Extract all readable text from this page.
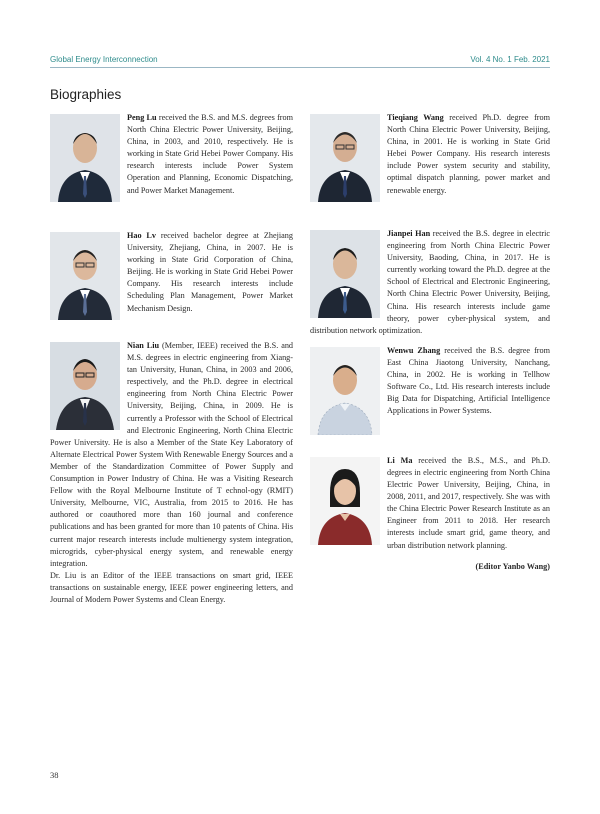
Global Energy Interconnection	Vol. 4 No. 1 Feb. 2021
Biographies
Peng Lu received the B.S. and M.S. degrees from North China Electric Power University, Beijing, China, in 2003, and 2010, respectively. He is working in State Grid Hebei Power Company. His research interests include Power System Operation and Planning, Economic Dispatching, and Power Market Management.
Hao Lv received bachelor degree at Zhejiang University, Zhejiang, China, in 2007. He is working in State Grid Corporation of China, Beijing. He is working in State Grid Hebei Power Company. His research interests include Scheduling Plan Management, Power Market Mechanism Design.
Nian Liu (Member, IEEE) received the B.S. and M.S. degrees in electric engineering from Xiang-tan University, Hunan, China, in 2003 and 2006, respectively, and the Ph.D. degree in electrical engineering from North China Electric Power University, Beijing, China, in 2009. He is currently a Professor with the School of Electrical and Electronic Engineering, North China Electric Power University. He is also a Member of the State Key Laboratory of Alternate Electrical Power System With Renewable Energy Sources and a Member of the Standardization Committee of Power Supply and Consumption in Power Industry of China. He was a Visiting Research Fellow with the Royal Melbourne Institute of T echnol-ogy (RMIT) University, Melbourne, VIC, Australia, from 2015 to 2016. He has authored or coauthored more than 160 journal and conference publications and has been granted for more than 10 patents of China. His current major research interests include multienergy system integration, microgrids, cyber-physical energy system, and renewable energy integration.
Dr. Liu is an Editor of the IEEE transactions on smart grid, IEEE transactions on sustainable energy, IEEE power engineering letters, and Journal of Modern Power Systems and Clean Energy.
Tieqiang Wang received Ph.D. degree from North China Electric Power University, Beijing, China, in 2001. He is working in State Grid Hebei Power Company. His research interests include Power system security and stability, optimal dispatch planning, power market and renewable energy.
Jianpei Han received the B.S. degree in electric engineering from North China Electric Power University, Baoding, China, in 2017. He is currently working toward the Ph.D. degree at the School of Electrical and Electronic Engineering, North China Electric Power University, Beijing, China. His research interests include game theory, power cyber-physical system, and distribution network optimization.
Wenwu Zhang received the B.S. degree from East China Jiaotong University, Nanchang, China, in 2002. He is working in Tellhow Software Co., Ltd. His research interests include Big Data for Dispatching, Artificial Intelligence Applications in Power Systems.
Li Ma received the B.S., M.S., and Ph.D. degrees in electric engineering from North China Electric Power University, Beijing, China, in 2008, 2011, and 2017, respectively. She was with the China Electric Power Research Institute as an Engineer from 2011 to 2018. Her research interests include smart grid, game theory, and urban distribution network planning.
(Editor Yanbo Wang)
38
